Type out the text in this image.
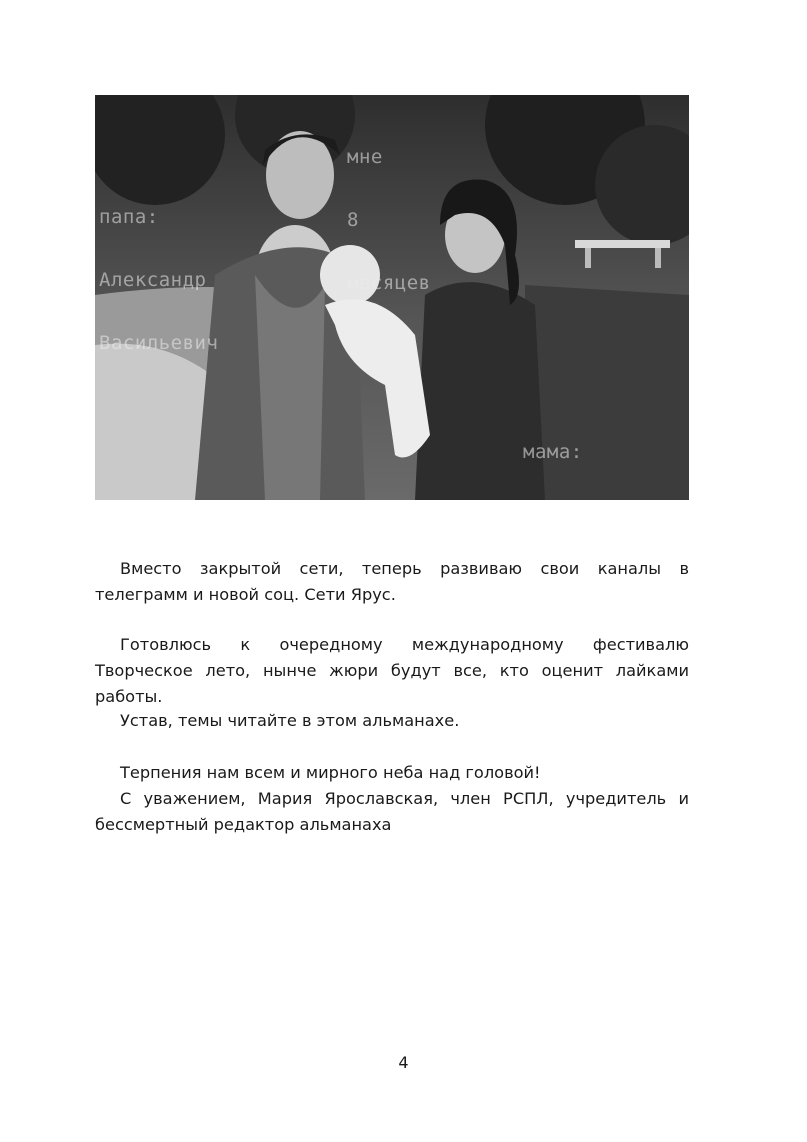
мне

8

месяцев

папа:

Александр

Васильевич

мама:

Вместо закрытой сети, теперь развиваю свои каналы в телеграмм и новой соц. Сети Ярус.

Готовлюсь к очередному международному фестивалю Творческое лето, нынче жюри будут все, кто оценит лайками работы.

Устав, темы читайте в этом альманахе.

Терпения нам всем и мирного неба над головой!

С уважением, Мария Ярославская, член РСПЛ, учредитель и бессмертный редактор альманаха

4
